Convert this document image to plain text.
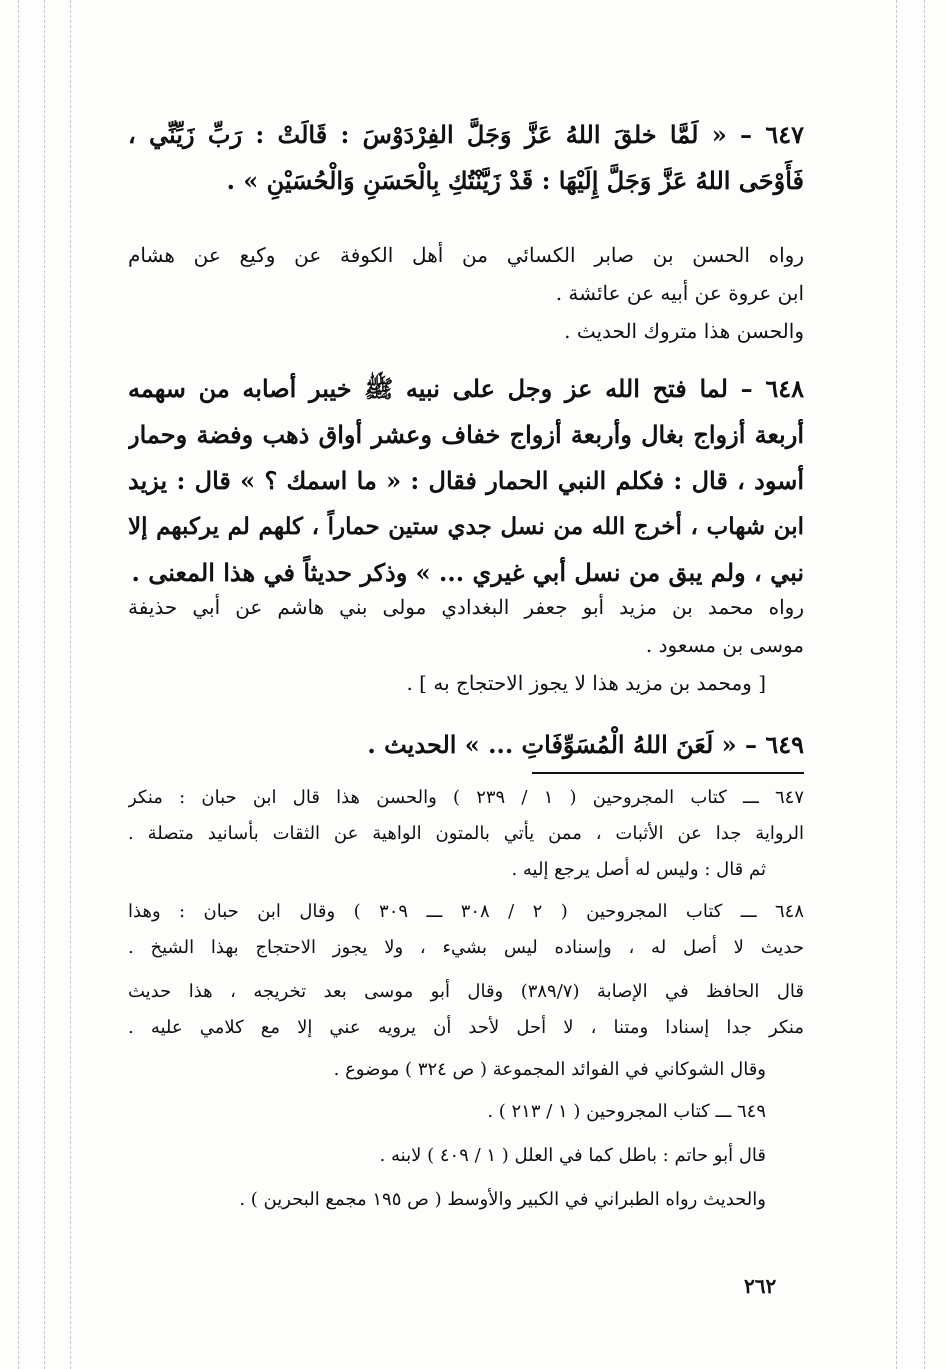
٦٤٧ – « لَمَّا خلقَ اللهُ عَزَّ وَجَلَّ الفِرْدَوْسَ : قَالَتْ : رَبِّ زَيِّنِّي ،
فَأَوْحَى اللهُ عَزَّ وَجَلَّ إِلَيْهَا : قَدْ زَيَّنْتُكِ بِالْحَسَنِ وَالْحُسَيْنِ » .
رواه الحسن بن صابر الكسائي من أهل الكوفة عن وكيع عن هشام
ابن عروة عن أبيه عن عائشة .
والحسن هذا متروك الحديث .
٦٤٨ – لما فتح الله عز وجل على نبيه ﷺ خيبر أصابه من سهمه
أربعة أزواج بغال وأربعة أزواج خفاف وعشر أواق ذهب وفضة وحمار
أسود ، قال : فكلم النبي الحمار فقال : « ما اسمك ؟ » قال : يزيد
ابن شهاب ، أخرج الله من نسل جدي ستين حماراً ، كلهم لم يركبهم إلا
نبي ، ولم يبق من نسل أبي غيري ... » وذكر حديثاً في هذا المعنى .
رواه محمد بن مزيد أبو جعفر البغدادي مولى بني هاشم عن أبي حذيفة
موسى بن مسعود .
[ ومحمد بن مزيد هذا لا يجوز الاحتجاج به ] .
٦٤٩ – « لَعَنَ اللهُ الْمُسَوِّفَاتِ ... » الحديث .
٦٤٧ ـــ كتاب المجروحين ( ١ / ٢٣٩ ) والحسن هذا قال ابن حبان : منكر
الرواية جدا عن الأثبات ، ممن يأتي بالمتون الواهية عن الثقات بأسانيد متصلة .
ثم قال : وليس له أصل يرجع إليه .
٦٤٨ ـــ كتاب المجروحين ( ٢ / ٣٠٨ ـــ ٣٠٩ ) وقال ابن حبان : وهذا
حديث لا أصل له ، وإسناده ليس بشيء ، ولا يجوز الاحتجاج بهذا الشيخ .
قال الحافظ في الإصابة (٣٨٩/٧) وقال أبو موسى بعد تخريجه ، هذا حديث
منكر جدا إسنادا ومتنا ، لا أحل لأحد أن يرويه عني إلا مع كلامي عليه .
وقال الشوكاني في الفوائد المجموعة ( ص ٣٢٤ ) موضوع .
٦٤٩ ـــ كتاب المجروحين ( ١ / ٢١٣ ) .
قال أبو حاتم : باطل كما في العلل ( ١ / ٤٠٩ ) لابنه .
والحديث رواه الطبراني في الكبير والأوسط ( ص ١٩٥ مجمع البحرين ) .
٢٦٢
